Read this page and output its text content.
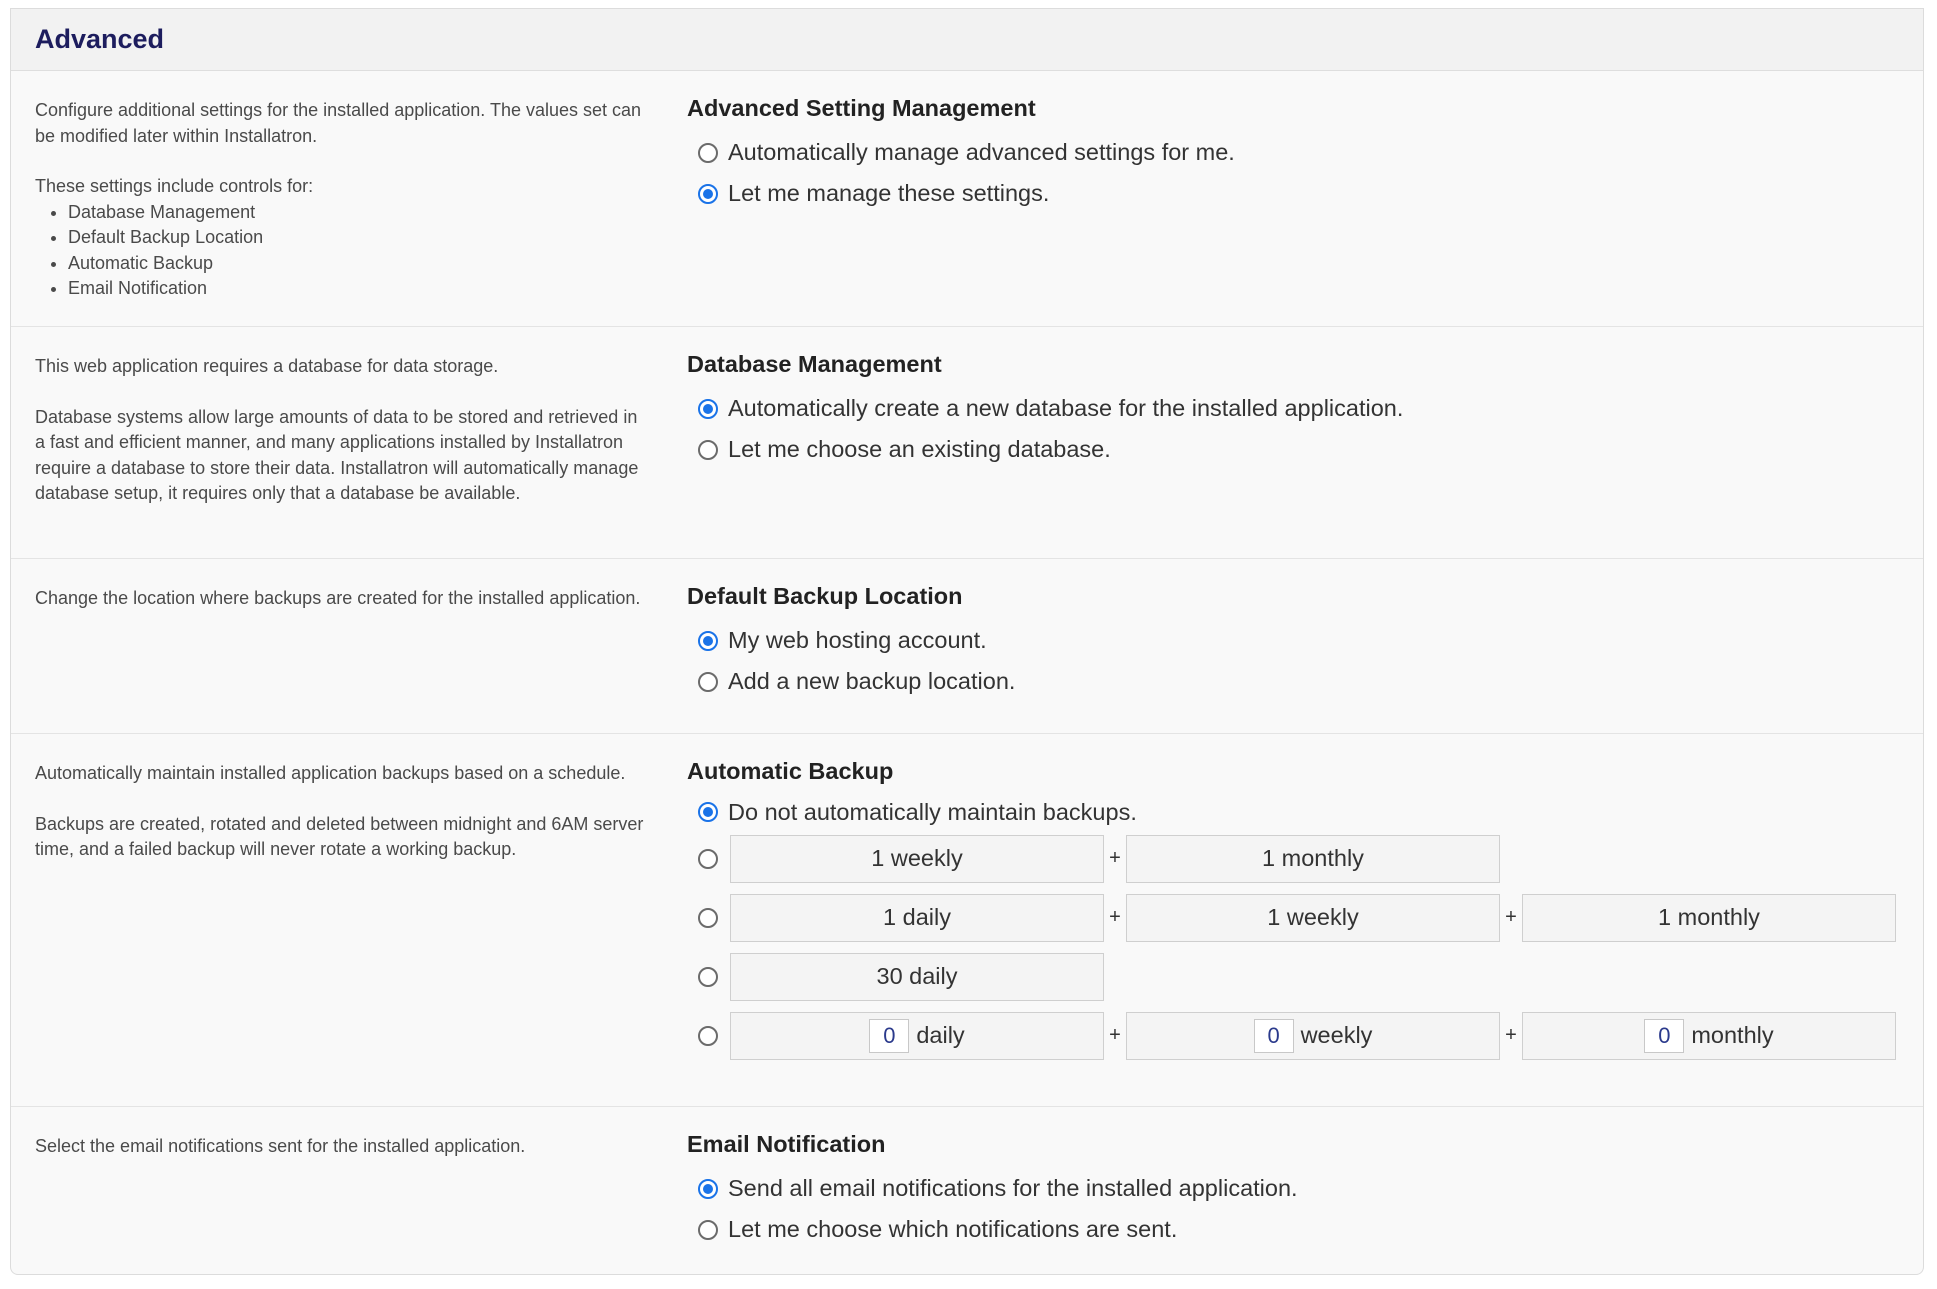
Advanced

Configure additional settings for the installed application. The values set can be modified later within Installatron.

These settings include controls for:

• Database Management
• Default Backup Location
• Automatic Backup
• Email Notification
Advanced Setting Management
Automatically manage advanced settings for me.
Let me manage these settings.

This web application requires a database for data storage.

Database systems allow large amounts of data to be stored and retrieved in a fast and efficient manner, and many applications installed by Installatron require a database to store their data. Installatron will automatically manage database setup, it requires only that a database be available.

Database Management
Automatically create a new database for the installed application.
Let me choose an existing database.

Change the location where backups are created for the installed application. Default Backup Location
My web hosting account.
Add a new backup location.

Automatically maintain installed application backups based on a schedule.

Backups are created, rotated and deleted between midnight and 6AM server time, and a failed backup will never rotate a working backup.

Automatic Backup
Do not automatically maintain backups.
1 weekly	+	1 monthly
1 daily	+	1 weekly	+	1 monthly
30 daily
0 daily	+	0 weekly	+	0 monthly

Select the email notifications sent for the installed application.	Email Notification
Send all email notifications for the installed application.
Let me choose which notifications are sent.
